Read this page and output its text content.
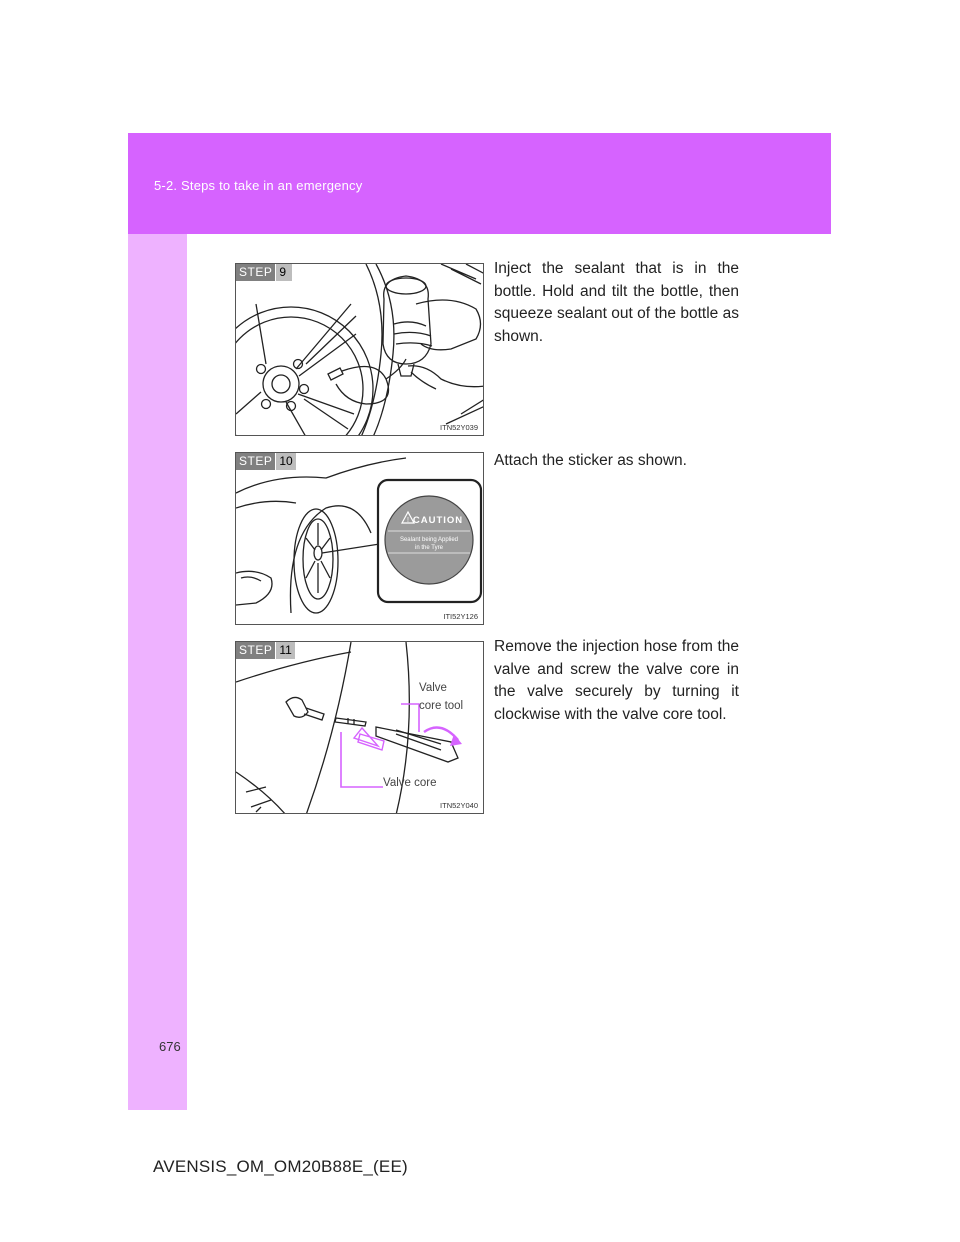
5-2. Steps to take in an emergency
STEP 9
ITN52Y039

Inject the sealant that is in the bottle. Hold and tilt the bottle, then squeeze sealant out of the bottle as shown.

STEP 10
! CAUTION
Sealant being Applied
in the Tyre
ITI52Y126

Attach the sticker as shown.

STEP 11
ITN52Y040
Valve
core tool
Valve core

Remove the injection hose from the valve and screw the valve core in the valve securely by turning it clockwise with the valve core tool.

676
AVENSIS_OM_OM20B88E_(EE)
